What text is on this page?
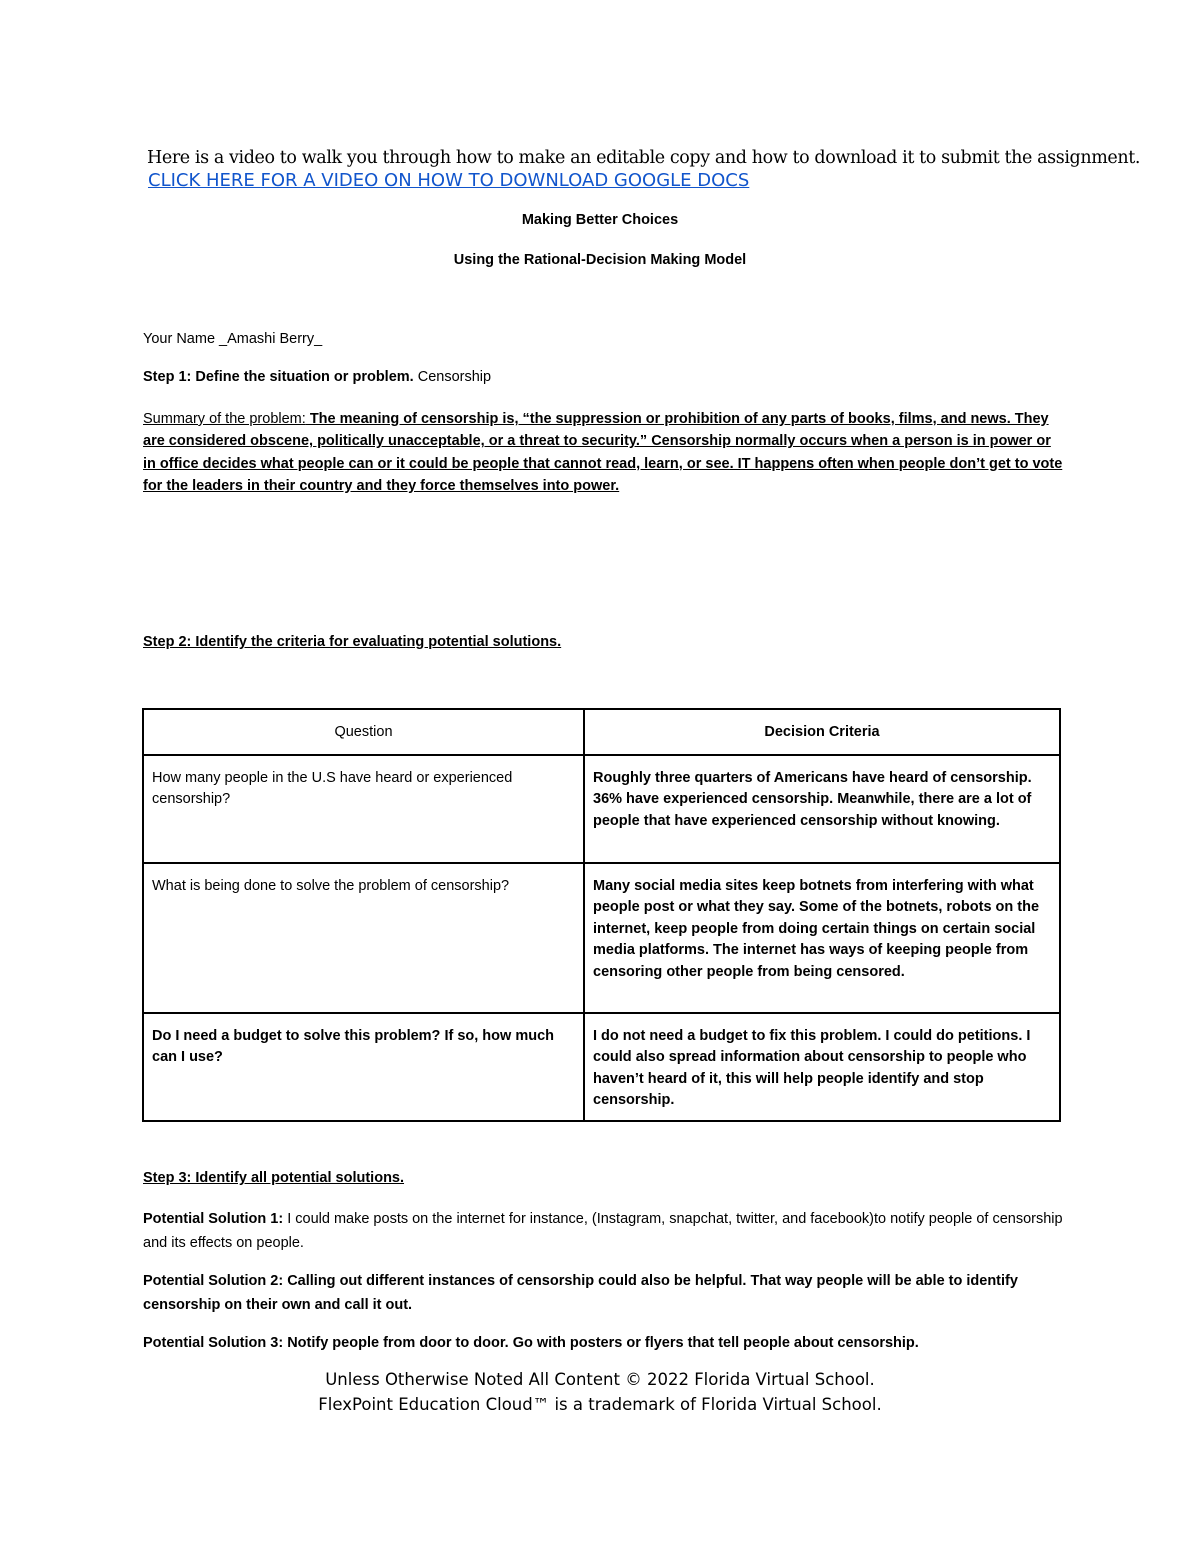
Here is a video to walk you through how to make an editable copy and how to download it to submit the assignment.
CLICK HERE FOR A VIDEO ON HOW TO DOWNLOAD GOOGLE DOCS
Making Better Choices
Using the Rational-Decision Making Model
Your Name _Amashi Berry_
Step 1: Define the situation or problem. Censorship
Summary of the problem: The meaning of censorship is, “the suppression or prohibition of any parts of books, films, and news. They are considered obscene, politically unacceptable, or a threat to security.” Censorship normally occurs when a person is in power or in office decides what people can or it could be people that cannot read, learn, or see. IT happens often when people don’t get to vote for the leaders in their country and they force themselves into power.
Step 2: Identify the criteria for evaluating potential solutions.
Question	Decision Criteria
How many people in the U.S have heard or experienced censorship?	Roughly three quarters of Americans have heard of censorship. 36% have experienced censorship. Meanwhile, there are a lot of people that have experienced censorship without knowing.
What is being done to solve the problem of censorship?	Many social media sites keep botnets from interfering with what people post or what they say. Some of the botnets, robots on the internet, keep people from doing certain things on certain social media platforms. The internet has ways of keeping people from censoring other people from being censored.
Do I need a budget to solve this problem? If so, how much can I use?	I do not need a budget to fix this problem. I could do petitions. I could also spread information about censorship to people who haven’t heard of it, this will help people identify and stop censorship.
Step 3: Identify all potential solutions.
Potential Solution 1: I could make posts on the internet for instance, (Instagram, snapchat, twitter, and facebook)to notify people of censorship and its effects on people.
Potential Solution 2: Calling out different instances of censorship could also be helpful. That way people will be able to identify censorship on their own and call it out.
Potential Solution 3: Notify people from door to door. Go with posters or flyers that tell people about censorship.
Unless Otherwise Noted All Content © 2022 Florida Virtual School.
FlexPoint Education Cloud™ is a trademark of Florida Virtual School.
